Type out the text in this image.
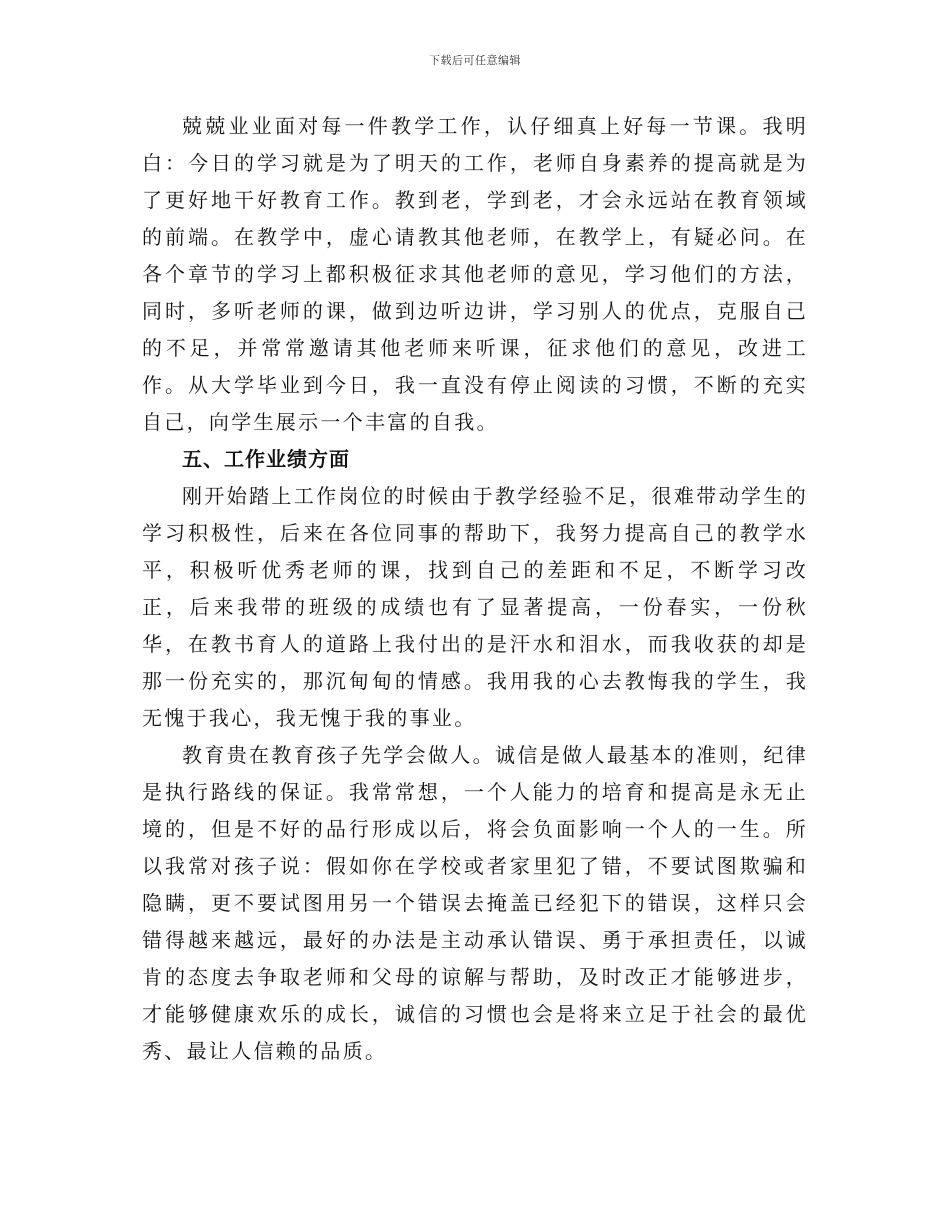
下载后可任意编辑

兢兢业业面对每一件教学工作，认仔细真上好每一节课。我明白：今日的学习就是为了明天的工作，老师自身素养的提高就是为了更好地干好教育工作。教到老，学到老，才会永远站在教育领域的前端。在教学中，虚心请教其他老师，在教学上，有疑必问。在各个章节的学习上都积极征求其他老师的意见，学习他们的方法，同时，多听老师的课，做到边听边讲，学习别人的优点，克服自己的不足，并常常邀请其他老师来听课，征求他们的意见，改进工作。从大学毕业到今日，我一直没有停止阅读的习惯，不断的充实自己，向学生展示一个丰富的自我。

五、工作业绩方面

刚开始踏上工作岗位的时候由于教学经验不足，很难带动学生的学习积极性，后来在各位同事的帮助下，我努力提高自己的教学水平，积极听优秀老师的课，找到自己的差距和不足，不断学习改正，后来我带的班级的成绩也有了显著提高，一份春实，一份秋华，在教书育人的道路上我付出的是汗水和泪水，而我收获的却是那一份充实的，那沉甸甸的情感。我用我的心去教悔我的学生，我无愧于我心，我无愧于我的事业。

教育贵在教育孩子先学会做人。诚信是做人最基本的准则，纪律是执行路线的保证。我常常想，一个人能力的培育和提高是永无止境的，但是不好的品行形成以后，将会负面影响一个人的一生。所以我常对孩子说：假如你在学校或者家里犯了错，不要试图欺骗和隐瞒，更不要试图用另一个错误去掩盖已经犯下的错误，这样只会错得越来越远，最好的办法是主动承认错误、勇于承担责任，以诚肯的态度去争取老师和父母的谅解与帮助，及时改正才能够进步，才能够健康欢乐的成长，诚信的习惯也会是将来立足于社会的最优秀、最让人信赖的品质。
